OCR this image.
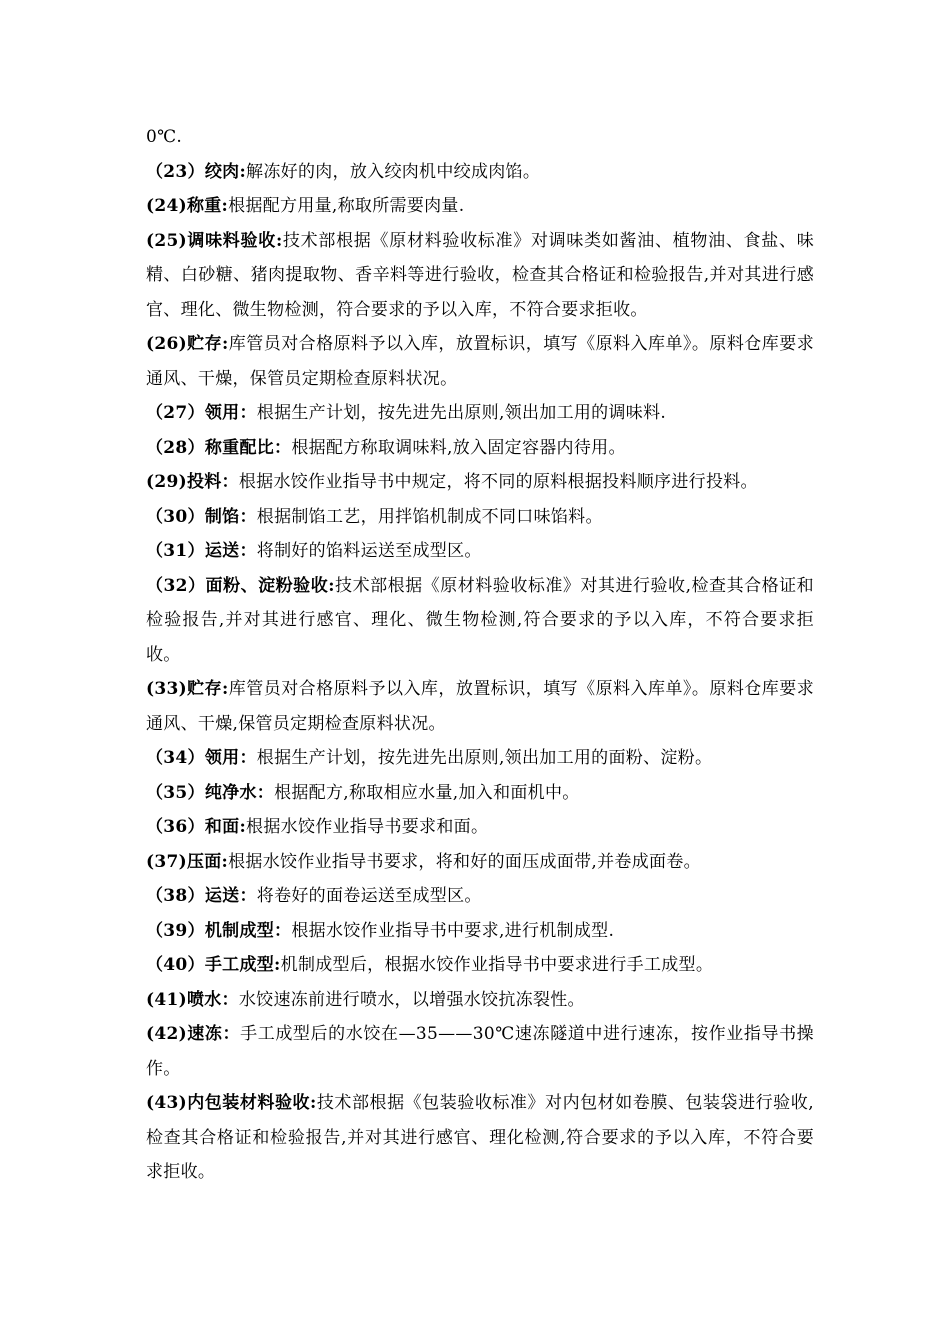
0℃.

（23）绞肉:解冻好的肉，放入绞肉机中绞成肉馅。

(24)称重:根据配方用量,称取所需要肉量.

(25)调味料验收:技术部根据《原材料验收标准》对调味类如酱油、植物油、食盐、味精、白砂糖、猪肉提取物、香辛料等进行验收，检查其合格证和检验报告,并对其进行感官、理化、微生物检测，符合要求的予以入库，不符合要求拒收。

(26)贮存:库管员对合格原料予以入库，放置标识，填写《原料入库单》。原料仓库要求通风、干燥，保管员定期检查原料状况。

（27）领用：根据生产计划，按先进先出原则,领出加工用的调味料.

（28）称重配比：根据配方称取调味料,放入固定容器内待用。

(29)投料：根据水饺作业指导书中规定，将不同的原料根据投料顺序进行投料。

（30）制馅：根据制馅工艺，用拌馅机制成不同口味馅料。

（31）运送：将制好的馅料运送至成型区。

（32）面粉、淀粉验收:技术部根据《原材料验收标准》对其进行验收,检查其合格证和检验报告,并对其进行感官、理化、微生物检测,符合要求的予以入库，不符合要求拒收。

(33)贮存:库管员对合格原料予以入库，放置标识，填写《原料入库单》。原料仓库要求通风、干燥,保管员定期检查原料状况。

（34）领用：根据生产计划，按先进先出原则,领出加工用的面粉、淀粉。

（35）纯净水：根据配方,称取相应水量,加入和面机中。

（36）和面:根据水饺作业指导书要求和面。

(37)压面:根据水饺作业指导书要求，将和好的面压成面带,并卷成面卷。

（38）运送：将卷好的面卷运送至成型区。

（39）机制成型：根据水饺作业指导书中要求,进行机制成型.

（40）手工成型:机制成型后，根据水饺作业指导书中要求进行手工成型。

(41)喷水：水饺速冻前进行喷水，以增强水饺抗冻裂性。

(42)速冻：手工成型后的水饺在—35——30℃速冻隧道中进行速冻，按作业指导书操作。

(43)内包装材料验收:技术部根据《包装验收标准》对内包材如卷膜、包装袋进行验收,检查其合格证和检验报告,并对其进行感官、理化检测,符合要求的予以入库，不符合要求拒收。
